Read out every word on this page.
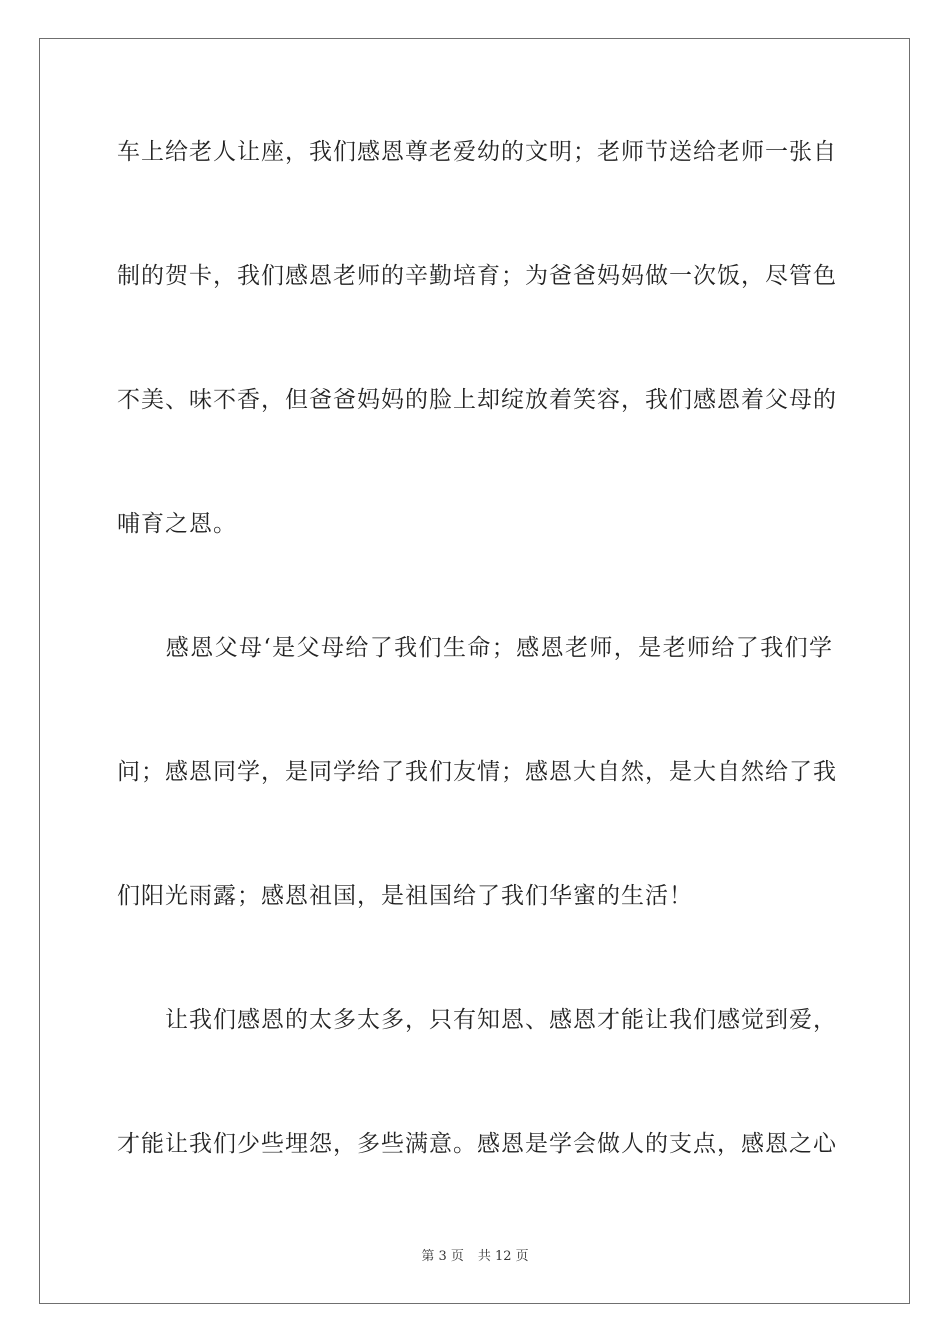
车上给老人让座，我们感恩尊老爱幼的文明；老师节送给老师一张自

制的贺卡，我们感恩老师的辛勤培育；为爸爸妈妈做一次饭，尽管色

不美、味不香，但爸爸妈妈的脸上却绽放着笑容，我们感恩着父母的

哺育之恩。

　　感恩父母‘是父母给了我们生命；感恩老师，是老师给了我们学

问；感恩同学，是同学给了我们友情；感恩大自然，是大自然给了我

们阳光雨露；感恩祖国，是祖国给了我们华蜜的生活！

　　让我们感恩的太多太多，只有知恩、感恩才能让我们感觉到爱，

才能让我们少些埋怨，多些满意。感恩是学会做人的支点，感恩之心

第 3 页 共 12 页
